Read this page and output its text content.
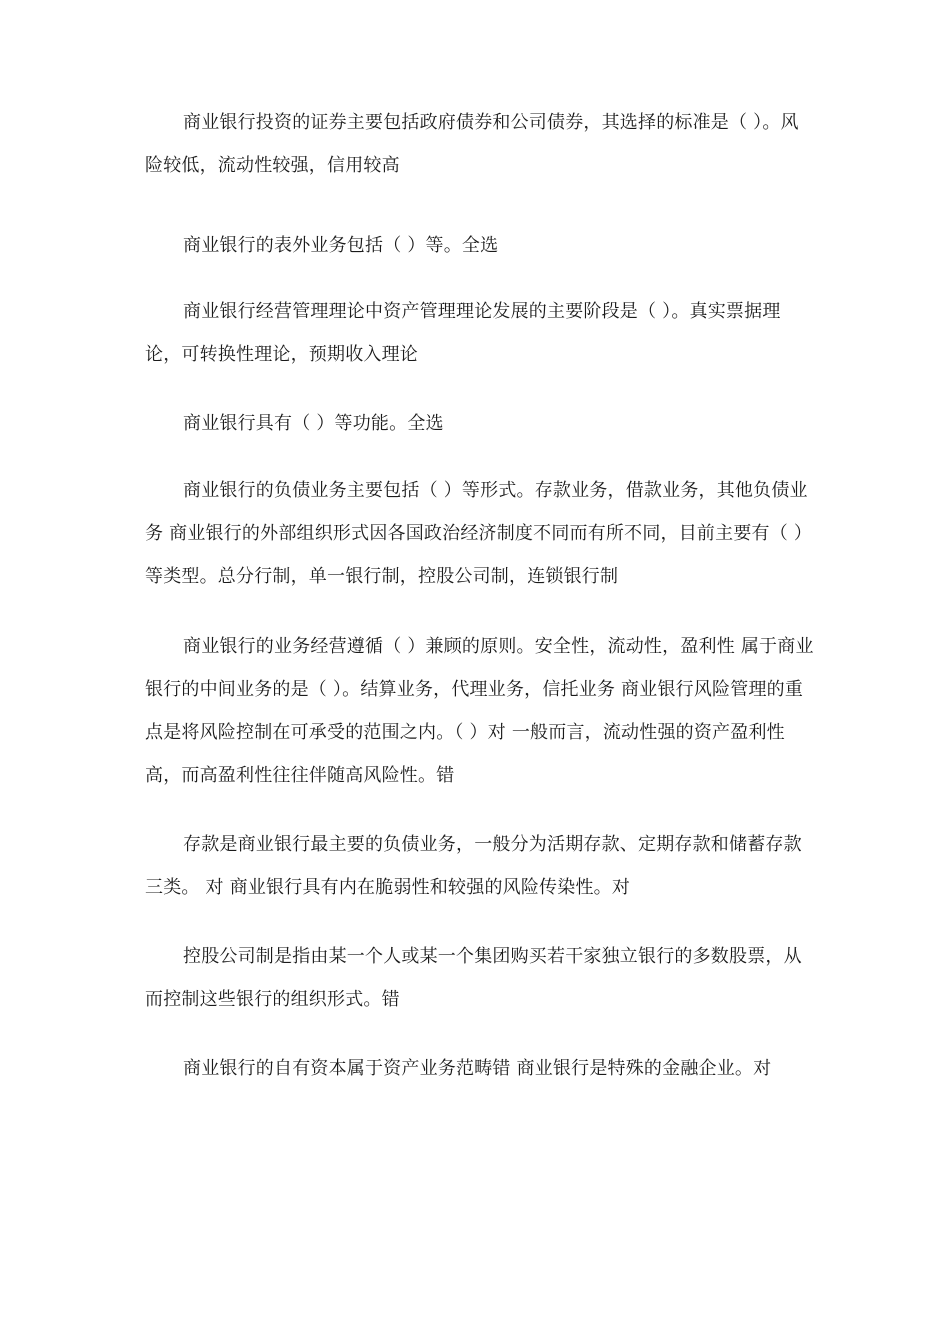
商业银行投资的证券主要包括政府债券和公司债券，其选择的标准是（ ）。风险较低，流动性较强，信用较高

商业银行的表外业务包括（ ）等。全选

商业银行经营管理理论中资产管理理论发展的主要阶段是（ ）。真实票据理论，可转换性理论，预期收入理论

商业银行具有（ ）等功能。全选

商业银行的负债业务主要包括（ ）等形式。存款业务，借款业务，其他负债业务 商业银行的外部组织形式因各国政治经济制度不同而有所不同，目前主要有（ ）等类型。总分行制，单一银行制，控股公司制，连锁银行制

商业银行的业务经营遵循（ ）兼顾的原则。安全性，流动性，盈利性 属于商业银行的中间业务的是（ ）。结算业务，代理业务，信托业务 商业银行风险管理的重点是将风险控制在可承受的范围之内。（ ）对 一般而言，流动性强的资产盈利性高，而高盈利性往往伴随高风险性。错

存款是商业银行最主要的负债业务，一般分为活期存款、定期存款和储蓄存款三类。 对 商业银行具有内在脆弱性和较强的风险传染性。对

控股公司制是指由某一个人或某一个集团购买若干家独立银行的多数股票，从而控制这些银行的组织形式。错

商业银行的自有资本属于资产业务范畴错 商业银行是特殊的金融企业。对
